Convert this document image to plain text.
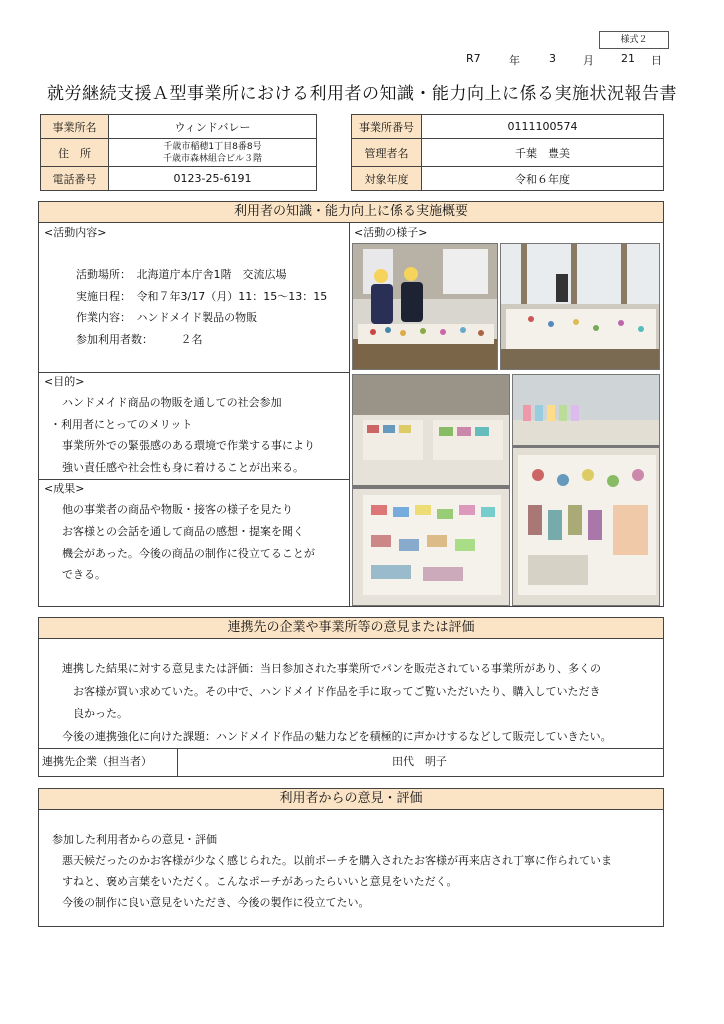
様式２
R7	年	3 月 21 日
就労継続支援Ａ型事業所における利用者の知識・能力向上に係る実施状況報告書
事業所名	ウィンドバレー
住　所	千歳市稲穂1丁目8番8号
千歳市森林組合ビル３階

電話番号	0123-25-6191
事業所番号	0111100574
管理者名	千葉　豊美
対象年度	令和６年度
利用者の知識・能力向上に係る実施概要
<活動内容>
活動場所：　北海道庁本庁舎1階　交流広場
実施日程：　令和７年3/17（月）11：15～13：15
作業内容：　ハンドメイド製品の物販
参加利用者数：　　　２名
<目的>
ハンドメイド商品の物販を通しての社会参加
・利用者にとってのメリット
事業所外での緊張感のある環境で作業する事により
強い責任感や社会性も身に着けることが出来る。
<成果>
他の事業者の商品や物販・接客の様子を見たり
お客様との会話を通して商品の感想・提案を聞く
機会があった。今後の商品の制作に役立てることが
できる。
<活動の様子>
連携先の企業や事業所等の意見または評価
連携した結果に対する意見または評価：当日参加された事業所でパンを販売されている事業所があり、多くの
お客様が買い求めていた。その中で、ハンドメイド作品を手に取ってご覧いただいたり、購入していただき
良かった。
今後の連携強化に向けた課題：ハンドメイド作品の魅力などを積極的に声かけするなどして販売していきたい。
連携先企業（担当者）	田代　明子
利用者からの意見・評価
参加した利用者からの意見・評価
悪天候だったのかお客様が少なく感じられた。以前ポーチを購入されたお客様が再来店され丁寧に作られていま
すねと、褒め言葉をいただく。こんなポーチがあったらいいと意見をいただく。
今後の制作に良い意見をいただき、今後の製作に役立てたい。
